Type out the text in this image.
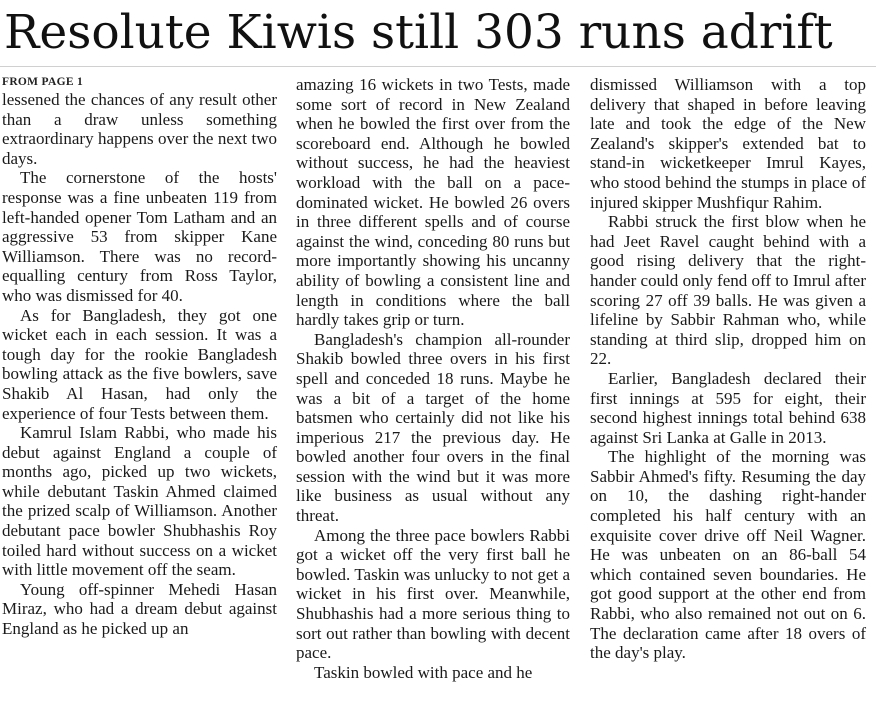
Resolute Kiwis still 303 runs adrift
FROM PAGE 1

lessened the chances of any result other than a draw unless something extraordinary happens over the next two days.

The cornerstone of the hosts' response was a fine unbeaten 119 from left-handed opener Tom Latham and an aggressive 53 from skipper Kane Williamson. There was no record-equalling century from Ross Taylor, who was dismissed for 40.

As for Bangladesh, they got one wicket each in each session. It was a tough day for the rookie Bangladesh bowling attack as the five bowlers, save Shakib Al Hasan, had only the experience of four Tests between them.

Kamrul Islam Rabbi, who made his debut against England a couple of months ago, picked up two wickets, while debutant Taskin Ahmed claimed the prized scalp of Williamson. Another debutant pace bowler Shubhashis Roy toiled hard without success on a wicket with little movement off the seam.

Young off-spinner Mehedi Hasan Miraz, who had a dream debut against England as he picked up an

amazing 16 wickets in two Tests, made some sort of record in New Zealand when he bowled the first over from the scoreboard end. Although he bowled without success, he had the heaviest workload with the ball on a pace-dominated wicket. He bowled 26 overs in three different spells and of course against the wind, conceding 80 runs but more importantly showing his uncanny ability of bowling a consistent line and length in conditions where the ball hardly takes grip or turn.

Bangladesh's champion all-rounder Shakib bowled three overs in his first spell and conceded 18 runs. Maybe he was a bit of a target of the home batsmen who certainly did not like his imperious 217 the previous day. He bowled another four overs in the final session with the wind but it was more like business as usual without any threat.

Among the three pace bowlers Rabbi got a wicket off the very first ball he bowled. Taskin was unlucky to not get a wicket in his first over. Meanwhile, Shubhashis had a more serious thing to sort out rather than bowling with decent pace.

Taskin bowled with pace and he

dismissed Williamson with a top delivery that shaped in before leaving late and took the edge of the New Zealand's skipper's extended bat to stand-in wicketkeeper Imrul Kayes, who stood behind the stumps in place of injured skipper Mushfiqur Rahim.

Rabbi struck the first blow when he had Jeet Ravel caught behind with a good rising delivery that the right-hander could only fend off to Imrul after scoring 27 off 39 balls. He was given a lifeline by Sabbir Rahman who, while standing at third slip, dropped him on 22.

Earlier, Bangladesh declared their first innings at 595 for eight, their second highest innings total behind 638 against Sri Lanka at Galle in 2013.

The highlight of the morning was Sabbir Ahmed's fifty. Resuming the day on 10, the dashing right-hander completed his half century with an exquisite cover drive off Neil Wagner. He was unbeaten on an 86-ball 54 which contained seven boundaries. He got good support at the other end from Rabbi, who also remained not out on 6. The declaration came after 18 overs of the day's play.
